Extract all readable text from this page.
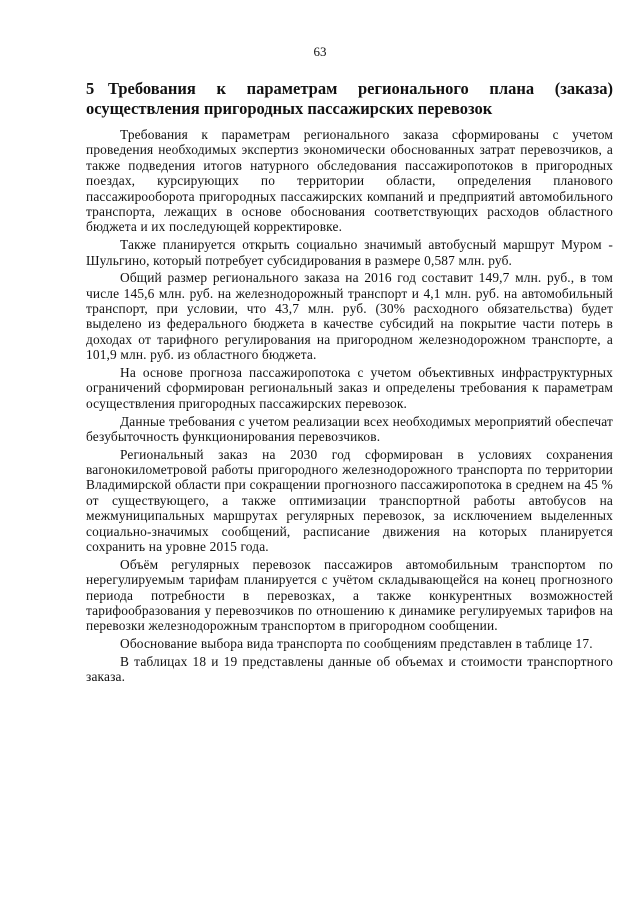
63
5 Требования к параметрам регионального плана (заказа) осуществления пригородных пассажирских перевозок

Требования к параметрам регионального заказа сформированы с учетом проведения необходимых экспертиз экономически обоснованных затрат перевозчиков, а также подведения итогов натурного обследования пассажиропотоков в пригородных поездах, курсирующих по территории области, определения планового пассажирооборота пригородных пассажирских компаний и предприятий автомобильного транспорта, лежащих в основе обоснования соответствующих расходов областного бюджета и их последующей корректировке.

Также планируется открыть социально значимый автобусный маршрут Муром - Шульгино, который потребует субсидирования в размере 0,587 млн. руб.

Общий размер регионального заказа на 2016 год составит 149,7 млн. руб., в том числе 145,6 млн. руб. на железнодорожный транспорт и 4,1 млн. руб. на автомобильный транспорт, при условии, что 43,7 млн. руб. (30% расходного обязательства) будет выделено из федерального бюджета в качестве субсидий на покрытие части потерь в доходах от тарифного регулирования на пригородном железнодорожном транспорте, а 101,9 млн. руб. из областного бюджета.

На основе прогноза пассажиропотока с учетом объективных инфраструктурных ограничений сформирован региональный заказ и определены требования к параметрам осуществления пригородных пассажирских перевозок.

Данные требования с учетом реализации всех необходимых мероприятий обеспечат безубыточность функционирования перевозчиков.

Региональный заказ на 2030 год сформирован в условиях сохранения вагонокилометровой работы пригородного железнодорожного транспорта по территории Владимирской области при сокращении прогнозного пассажиропотока в среднем на 45 % от существующего, а также оптимизации транспортной работы автобусов на межмуниципальных маршрутах регулярных перевозок, за исключением выделенных социально-значимых сообщений, расписание движения на которых планируется сохранить на уровне 2015 года.

Объём регулярных перевозок пассажиров автомобильным транспортом по нерегулируемым тарифам планируется с учётом складывающейся на конец прогнозного периода потребности в перевозках, а также конкурентных возможностей тарифообразования у перевозчиков по отношению к динамике регулируемых тарифов на перевозки железнодорожным транспортом в пригородном сообщении.

Обоснование выбора вида транспорта по сообщениям представлен в таблице 17.

В таблицах 18 и 19 представлены данные об объемах и стоимости транспортного заказа.
